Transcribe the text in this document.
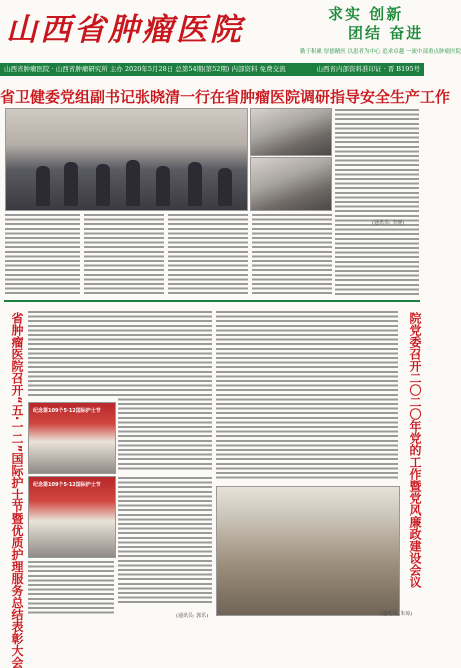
山西省肿瘤医院	求实 创新
团结 奋进
勤于积累 厚德精医 以患者为中心 追求卓越 一流中部重点肿瘤医院
山西省肿瘤医院 · 山西省肿瘤研究所 主办 2020年5月28日 总第54期(第52期) 内部资料 免费交流	山西省内部资料准印证 · 晋 B195号
省卫健委党组副书记张晓清一行在省肿瘤医院调研指导安全生产工作
(通讯员: 李静)
省肿瘤医院召开“五·一二”国际护士节暨优质护理服务总结表彰大会 纪念第109个5·12国际护士节
纪念第109个5·12国际护士节
(通讯员: 郭乐)
院党委召开二〇二〇年党的工作暨党风廉政建设会议
(通讯员: 朱琼)
